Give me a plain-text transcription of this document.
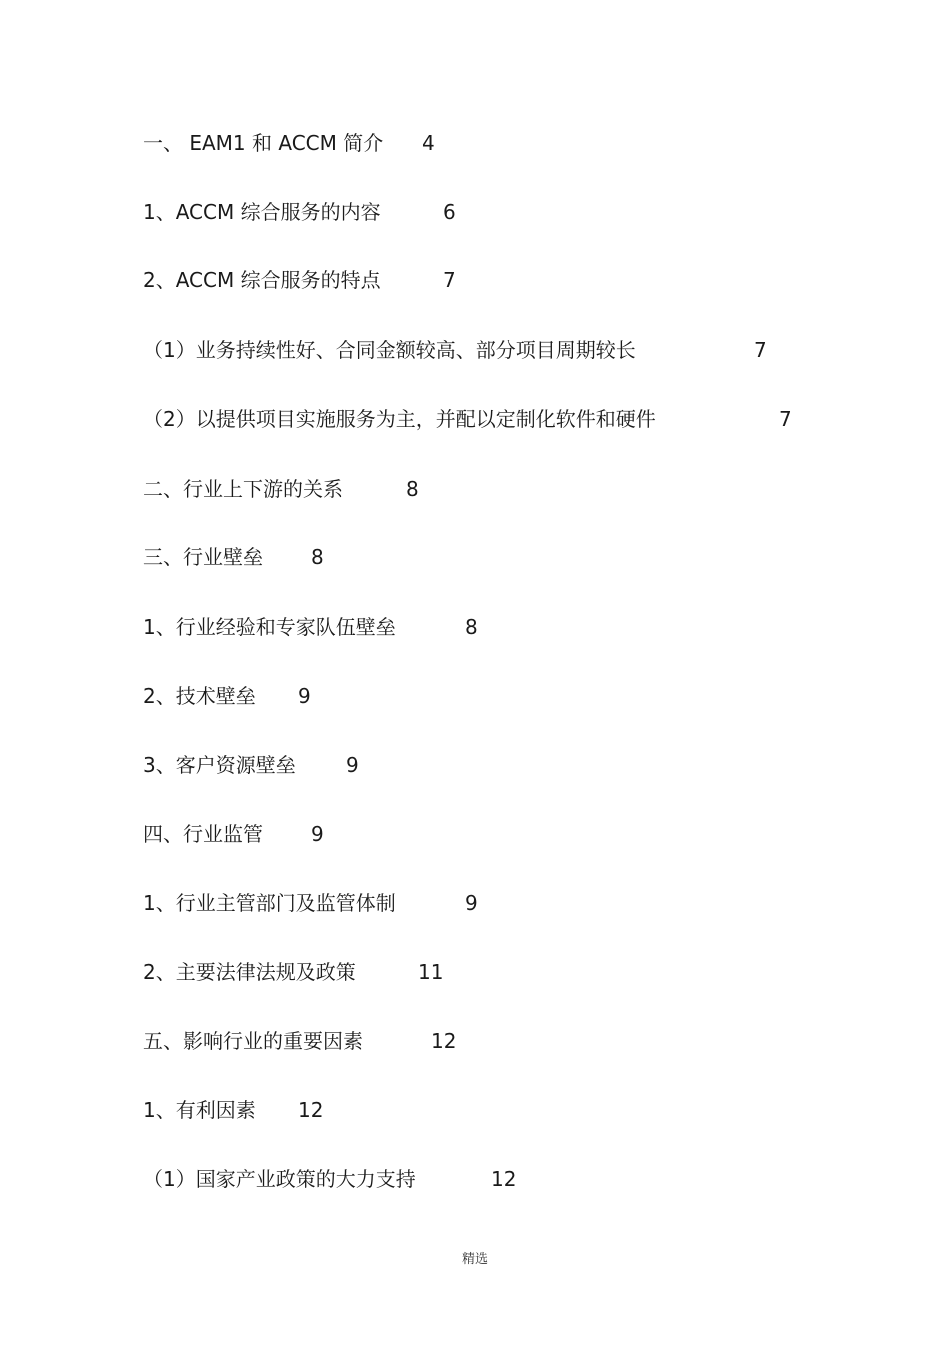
一、 EAM1 和 ACCM 简介 4
1、ACCM 综合服务的内容	6
2、ACCM 综合服务的特点	7
（1）业务持续性好、合同金额较高、部分项目周期较长	7
（2）以提供项目实施服务为主，并配以定制化软件和硬件	7
二、行业上下游的关系	8
三、行业壁垒 8
1、行业经验和专家队伍壁垒	8
2、技术壁垒 9
3、客户资源壁垒	9
四、行业监管 9
1、行业主管部门及监管体制	9
2、主要法律法规及政策	11
五、影响行业的重要因素	12
1、有利因素 12
（1）国家产业政策的大力支持	12
精选
